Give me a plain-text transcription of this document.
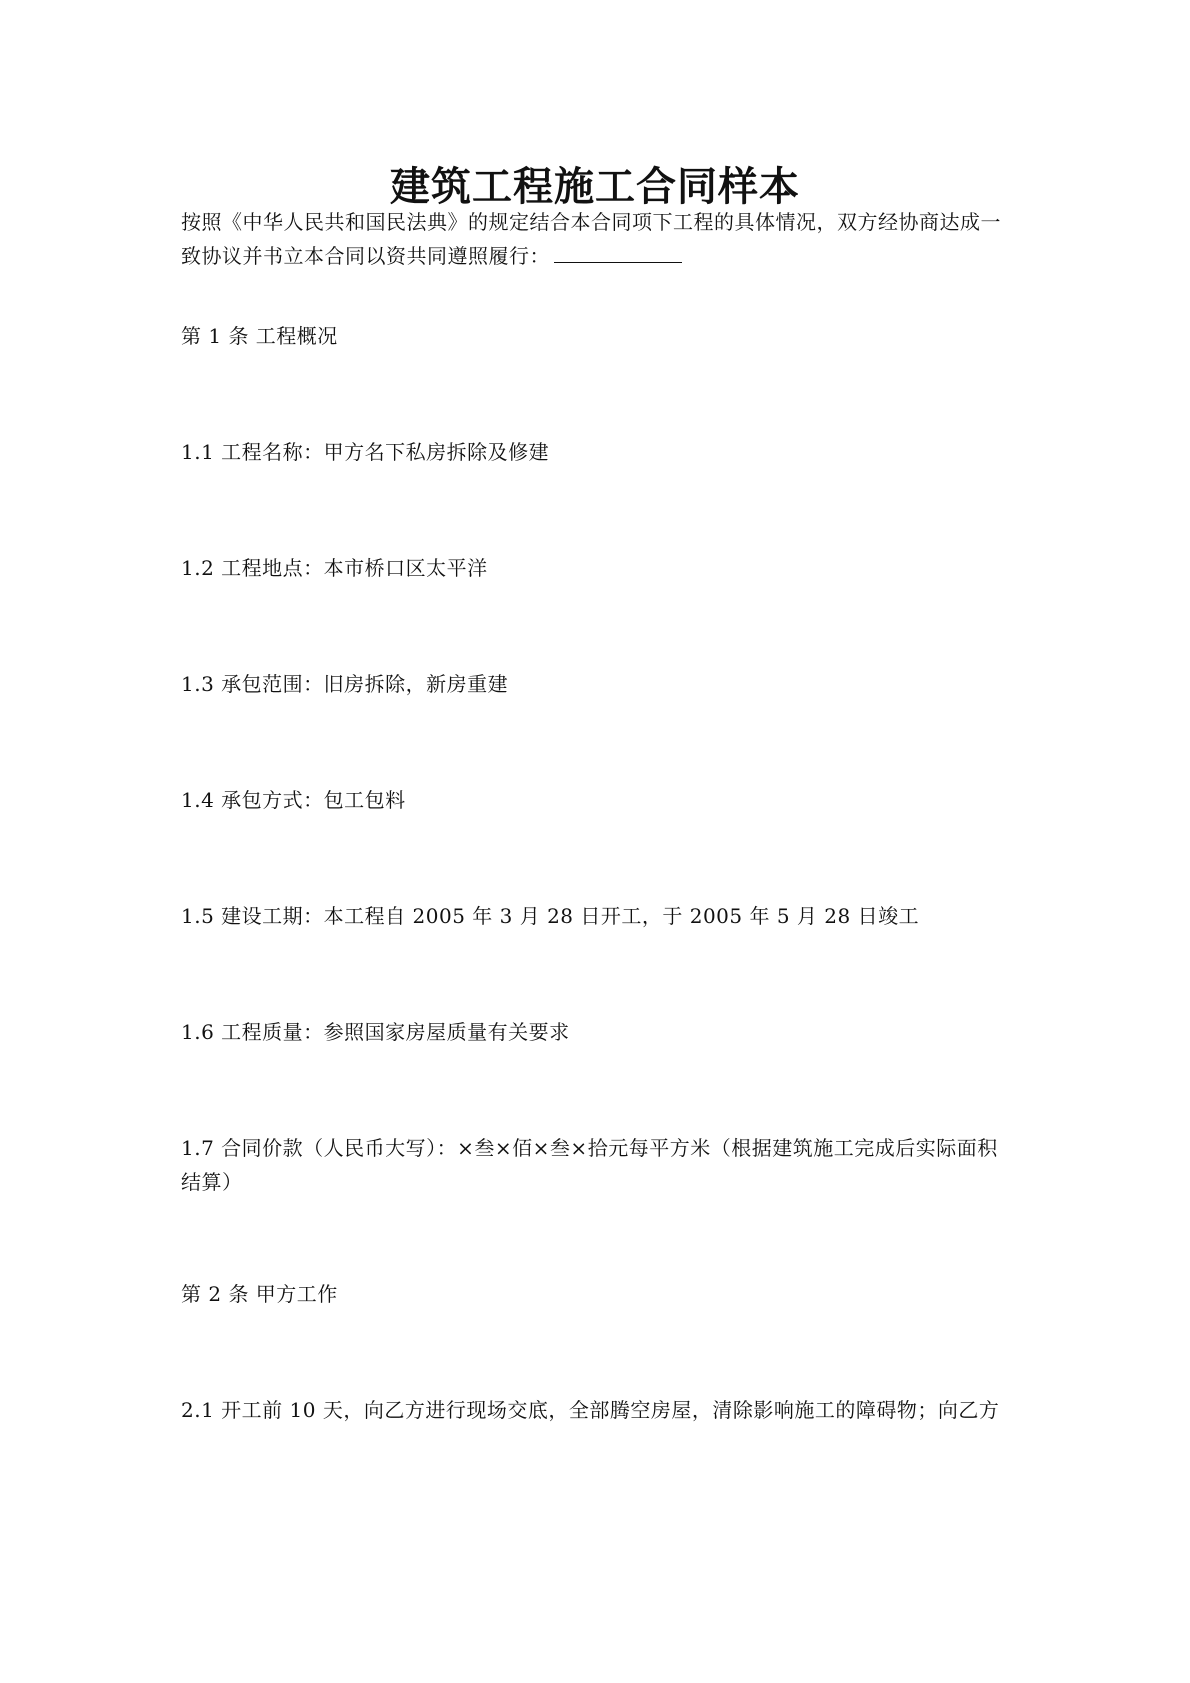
建筑工程施工合同样本
按照《中华人民共和国民法典》的规定结合本合同项下工程的具体情况，双方经协商达成一致协议并书立本合同以资共同遵照履行：
第 1 条 工程概况
1.1 工程名称：甲方名下私房拆除及修建
1.2 工程地点：本市桥口区太平洋
1.3 承包范围：旧房拆除，新房重建
1.4 承包方式：包工包料
1.5 建设工期：本工程自 2005 年 3 月 28 日开工，于 2005 年 5 月 28 日竣工
1.6 工程质量：参照国家房屋质量有关要求
1.7 合同价款（人民币大写）：×叁×佰×叁×拾元每平方米（根据建筑施工完成后实际面积结算）
第 2 条 甲方工作
2.1 开工前 10 天，向乙方进行现场交底，全部腾空房屋，清除影响施工的障碍物；向乙方
